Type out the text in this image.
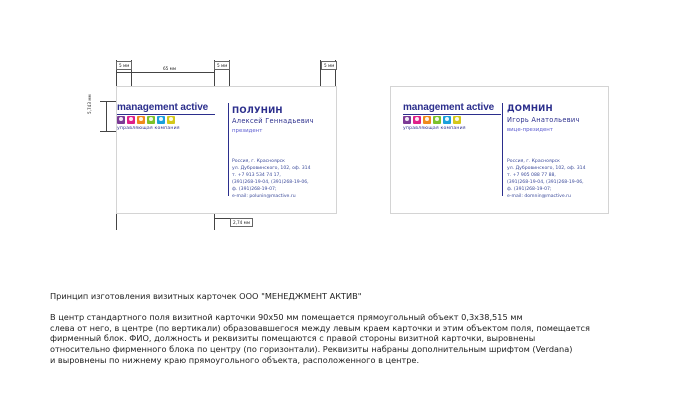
5 мм
65 мм
5 мм	5 мм
5,743 мм
2,74 мм
management active
управляющая компания
ПОЛУНИН
Алексей Геннадьевич
президент
Россия, г. Красноярск
ул. Дубровинского, 102, оф. 314
т. +7 913 534 74 17,
(391)268-19-04, (391)268-19-06,
ф. (391)268-19-07;
e-mail: polunin@mactive.ru
management active
управляющая компания
ДОМНИН
Игорь Анатольевич
вице-президент
Россия, г. Красноярск
ул. Дубровинского, 102, оф. 314
т. +7 905 088 77 88,
(391)268-19-04, (391)268-19-06,
ф. (391)268-19-07;
e-mail: domnin@mactive.ru
Принцип изготовления визитных карточек ООО "МЕНЕДЖМЕНТ АКТИВ"
В центр стандартного поля визитной карточки 90х50 мм помещается прямоугольный объект 0,3х38,515 мм
слева от него, в центре (по вертикали) образовавшегося между левым краем карточки и этим объектом поля, помещается
фирменный блок. ФИО, должность и реквизиты помещаются с правой стороны визитной карточки, выровнены
относительно фирменного блока по центру (по горизонтали). Реквизиты набраны дополнительным шрифтом (Verdana)
и выровнены по нижнему краю прямоугольного объекта, расположенного в центре.
